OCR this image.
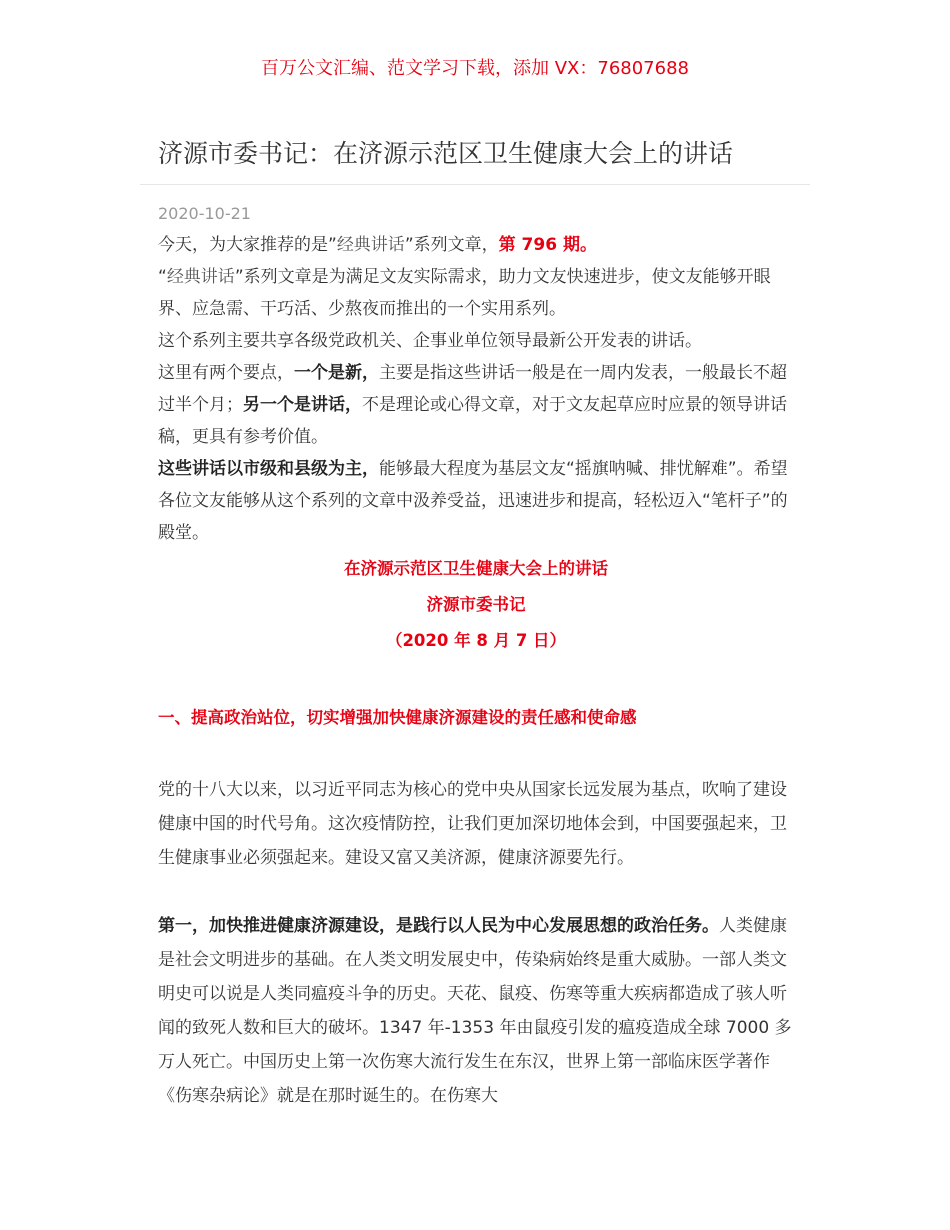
百万公文汇编、范文学习下载，添加 VX：76807688
济源市委书记：在济源示范区卫生健康大会上的讲话
2020-10-21

今天，为大家推荐的是”经典讲话”系列文章，第 796 期。

“经典讲话”系列文章是为满足文友实际需求，助力文友快速进步，使文友能够开眼界、应急需、干巧活、少熬夜而推出的一个实用系列。

这个系列主要共享各级党政机关、企事业单位领导最新公开发表的讲话。

这里有两个要点，一个是新，主要是指这些讲话一般是在一周内发表，一般最长不超过半个月；另一个是讲话，不是理论或心得文章，对于文友起草应时应景的领导讲话稿，更具有参考价值。

这些讲话以市级和县级为主，能够最大程度为基层文友“摇旗呐喊、排忧解难”。希望各位文友能够从这个系列的文章中汲养受益，迅速进步和提高，轻松迈入“笔杆子”的殿堂。

在济源示范区卫生健康大会上的讲话

济源市委书记

（2020 年 8 月 7 日）

一、提高政治站位，切实增强加快健康济源建设的责任感和使命感

党的十八大以来，以习近平同志为核心的党中央从国家长远发展为基点，吹响了建设健康中国的时代号角。这次疫情防控，让我们更加深切地体会到，中国要强起来，卫生健康事业必须强起来。建设又富又美济源，健康济源要先行。

第一，加快推进健康济源建设，是践行以人民为中心发展思想的政治任务。人类健康是社会文明进步的基础。在人类文明发展史中，传染病始终是重大威胁。一部人类文明史可以说是人类同瘟疫斗争的历史。天花、鼠疫、伤寒等重大疾病都造成了骇人听闻的致死人数和巨大的破坏。1347 年-1353 年由鼠疫引发的瘟疫造成全球 7000 多万人死亡。中国历史上第一次伤寒大流行发生在东汉，世界上第一部临床医学著作《伤寒杂病论》就是在那时诞生的。在伤寒大
